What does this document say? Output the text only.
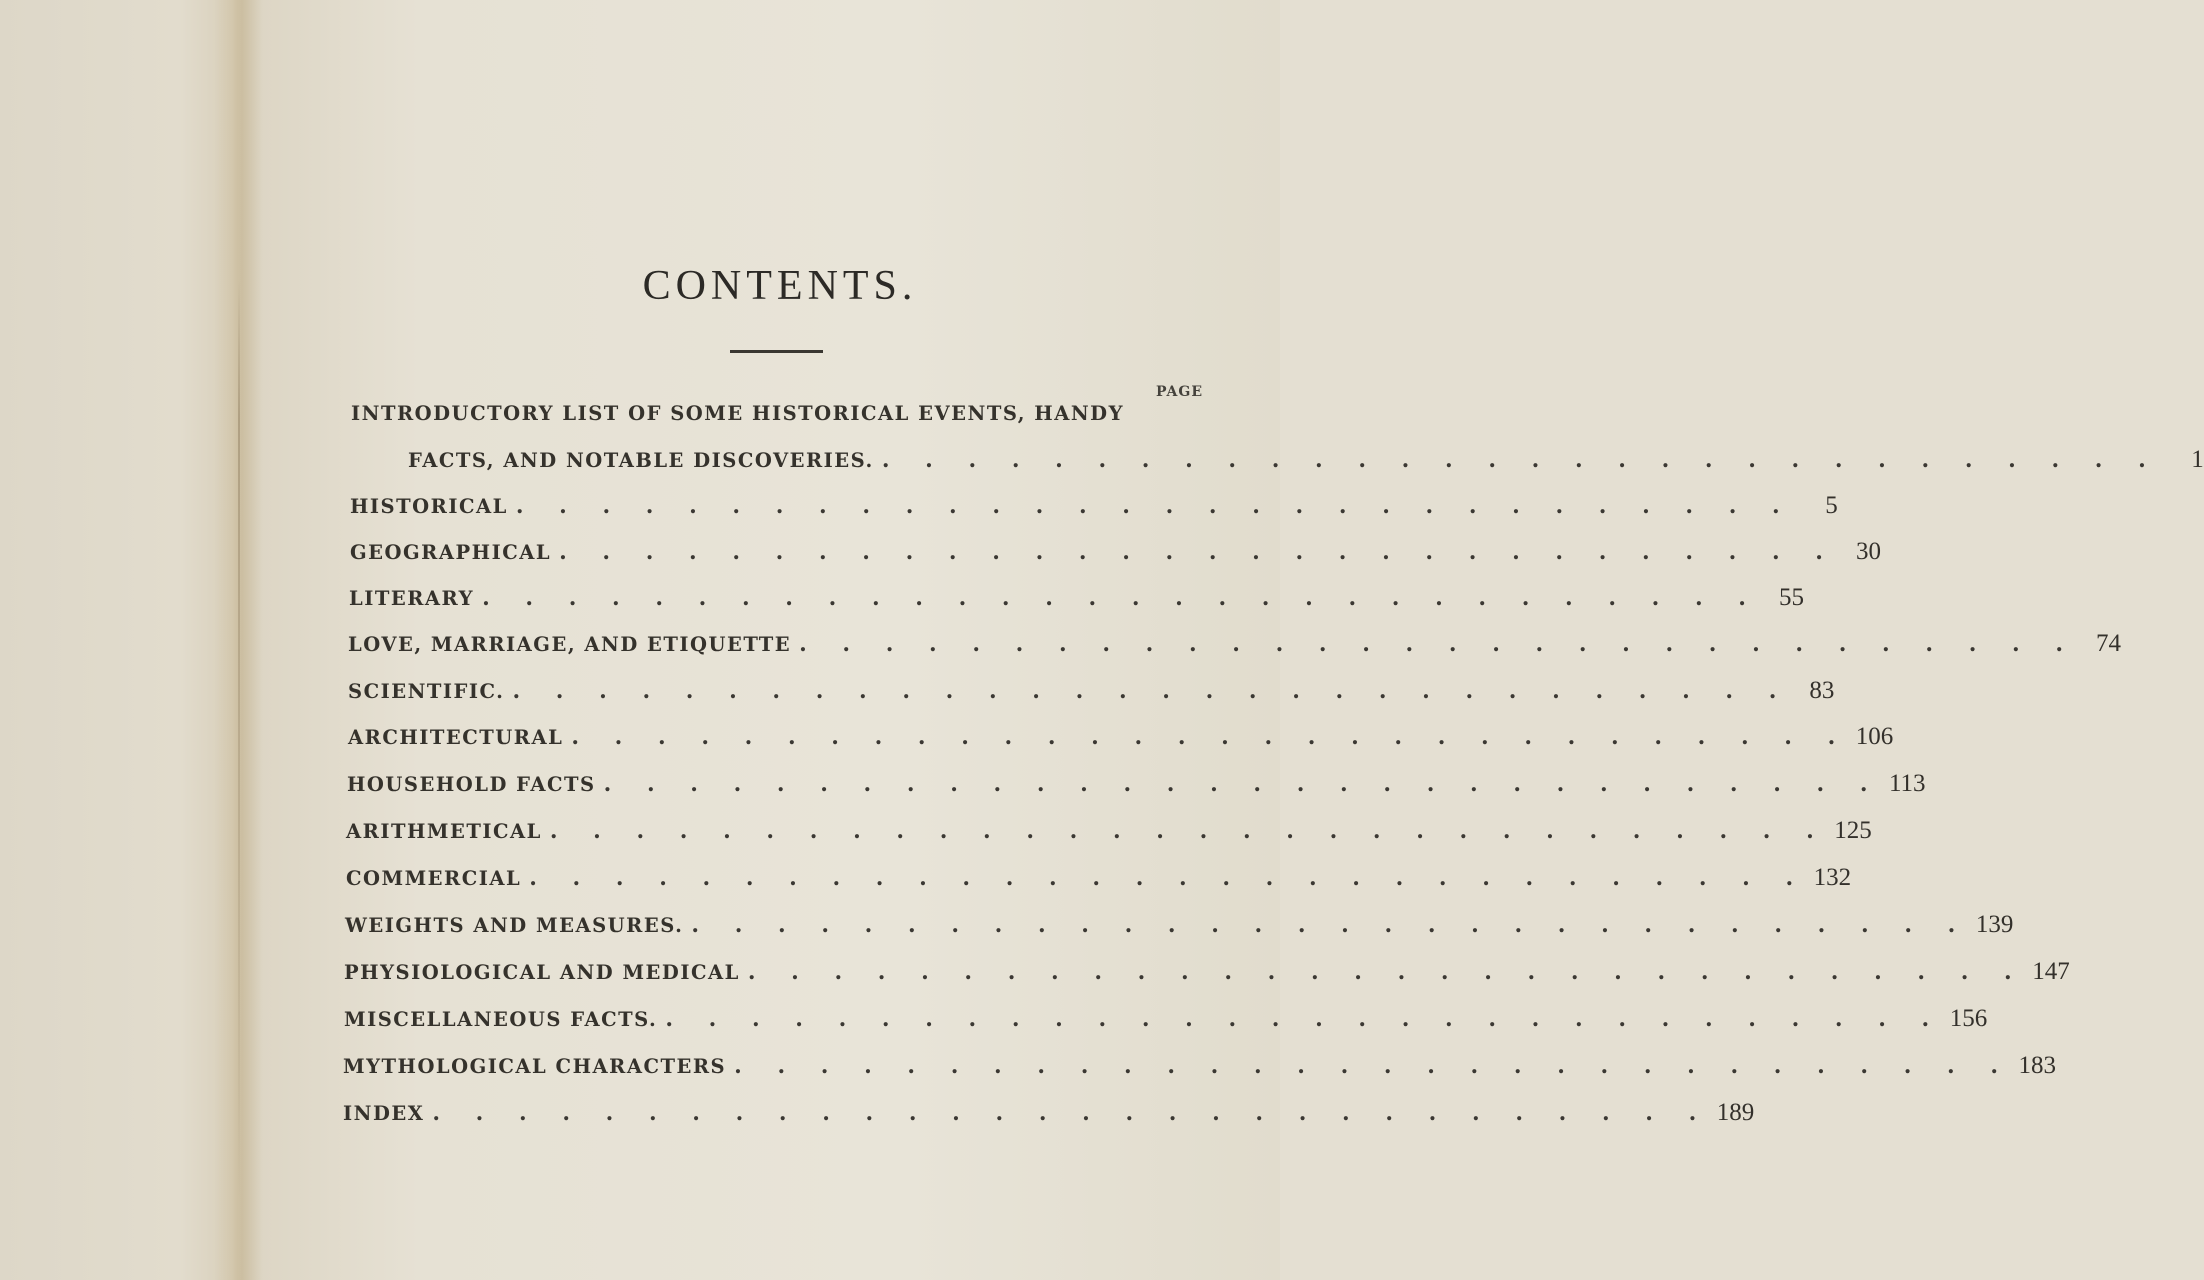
CONTENTS.
PAGE
INTRODUCTORY LIST OF SOME HISTORICAL EVENTS, HANDY
FACTS, AND NOTABLE DISCOVERIES. . . . . . . . . . . . . . . . . . . . . . . . . . . . . . .	1
HISTORICAL . . . . . . . . . . . . . . . . . . . . . . . . . . . . . .	5
GEOGRAPHICAL . . . . . . . . . . . . . . . . . . . . . . . . . . . . . . 30
LITERARY . . . . . . . . . . . . . . . . . . . . . . . . . . . . . . 55
LOVE, MARRIAGE, AND ETIQUETTE . . . . . . . . . . . . . . . . . . . . . . . . . . . . . . 74
SCIENTIFIC. . . . . . . . . . . . . . . . . . . . . . . . . . . . . . . 83
ARCHITECTURAL . . . . . . . . . . . . . . . . . . . . . . . . . . . . . . 106
HOUSEHOLD FACTS . . . . . . . . . . . . . . . . . . . . . . . . . . . . . . 113
ARITHMETICAL . . . . . . . . . . . . . . . . . . . . . . . . . . . . . . 125
COMMERCIAL . . . . . . . . . . . . . . . . . . . . . . . . . . . . . . 132
WEIGHTS AND MEASURES. . . . . . . . . . . . . . . . . . . . . . . . . . . . . . . 139
PHYSIOLOGICAL AND MEDICAL . . . . . . . . . . . . . . . . . . . . . . . . . . . . . . 147
MISCELLANEOUS FACTS. . . . . . . . . . . . . . . . . . . . . . . . . . . . . . . 156
MYTHOLOGICAL CHARACTERS . . . . . . . . . . . . . . . . . . . . . . . . . . . . . . 183
INDEX . . . . . . . . . . . . . . . . . . . . . . . . . . . . . . 189
